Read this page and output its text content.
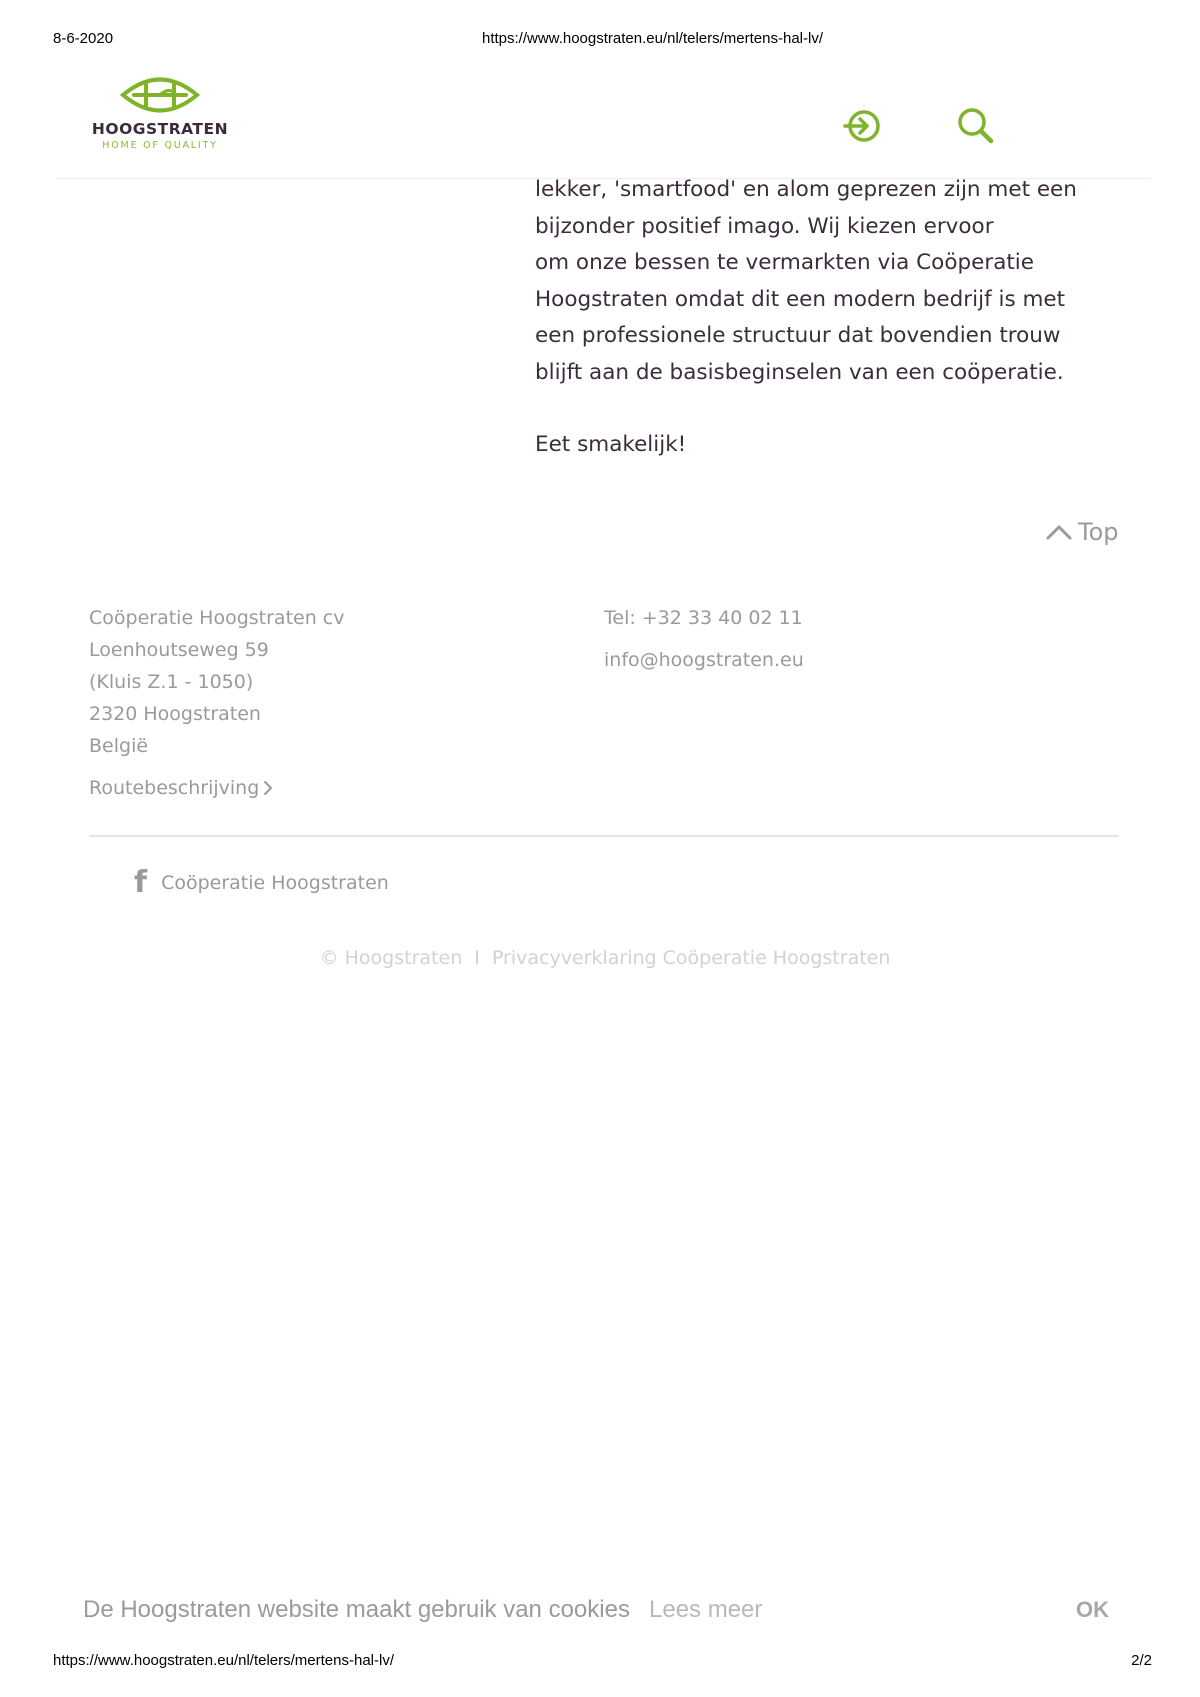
8-6-2020	https://www.hoogstraten.eu/nl/telers/mertens-hal-lv/
HOOGSTRATEN
HOME OF QUALITY

lekker, 'smartfood' en alom geprezen zijn met een
bijzonder positief imago. Wij kiezen ervoor
om onze bessen te vermarkten via Coöperatie
Hoogstraten omdat dit een modern bedrijf is met
een professionele structuur dat bovendien trouw
blijft aan de basisbeginselen van een coöperatie.

Eet smakelijk!

Top
Coöperatie Hoogstraten cv
Loenhoutseweg 59
(Kluis Z.1 - 1050)
2320 Hoogstraten
België
Routebeschrijving
Tel: +32 33 40 02 11
info@hoogstraten.eu
f Coöperatie Hoogstraten
© Hoogstraten I Privacyverklaring Coöperatie Hoogstraten
De Hoogstraten website maakt gebruik van cookies Lees meer	OK
https://www.hoogstraten.eu/nl/telers/mertens-hal-lv/	2/2
